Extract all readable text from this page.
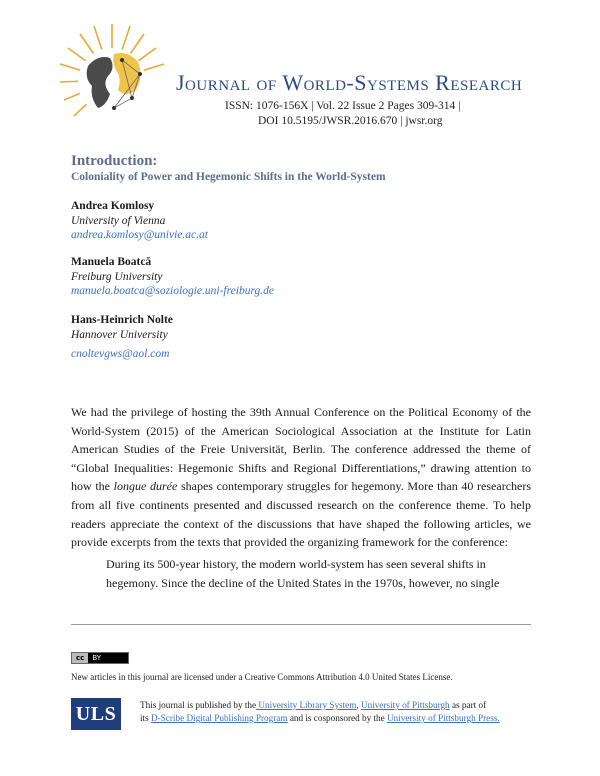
Journal of World-Systems Research
ISSN: 1076-156X | Vol. 22 Issue 2 Pages 309-314 |
DOI 10.5195/JWSR.2016.670 | jwsr.org
Introduction:
Coloniality of Power and Hegemonic Shifts in the World-System
Andrea Komlosy
University of Vienna
andrea.komlosy@univie.ac.at
Manuela Boatcă
Freiburg University
manuela.boatca@soziologie.uni-freiburg.de
Hans-Heinrich Nolte
Hannover University
cnoltevgws@aol.com
We had the privilege of hosting the 39th Annual Conference on the Political Economy of the World-System (2015) of the American Sociological Association at the Institute for Latin American Studies of the Freie Universität, Berlin. The conference addressed the theme of “Global Inequalities: Hegemonic Shifts and Regional Differentiations,” drawing attention to how the longue durée shapes contemporary struggles for hegemony. More than 40 researchers from all five continents presented and discussed research on the conference theme. To help readers appreciate the context of the discussions that have shaped the following articles, we provide excerpts from the texts that provided the organizing framework for the conference:
During its 500-year history, the modern world-system has seen several shifts in hegemony. Since the decline of the United States in the 1970s, however, no single
cc	BY
New articles in this journal are licensed under a Creative Commons Attribution 4.0 United States License.
ULS	This journal is published by the University Library System, University of Pittsburgh as part of
its D-Scribe Digital Publishing Program and is cosponsored by the University of Pittsburgh Press.
